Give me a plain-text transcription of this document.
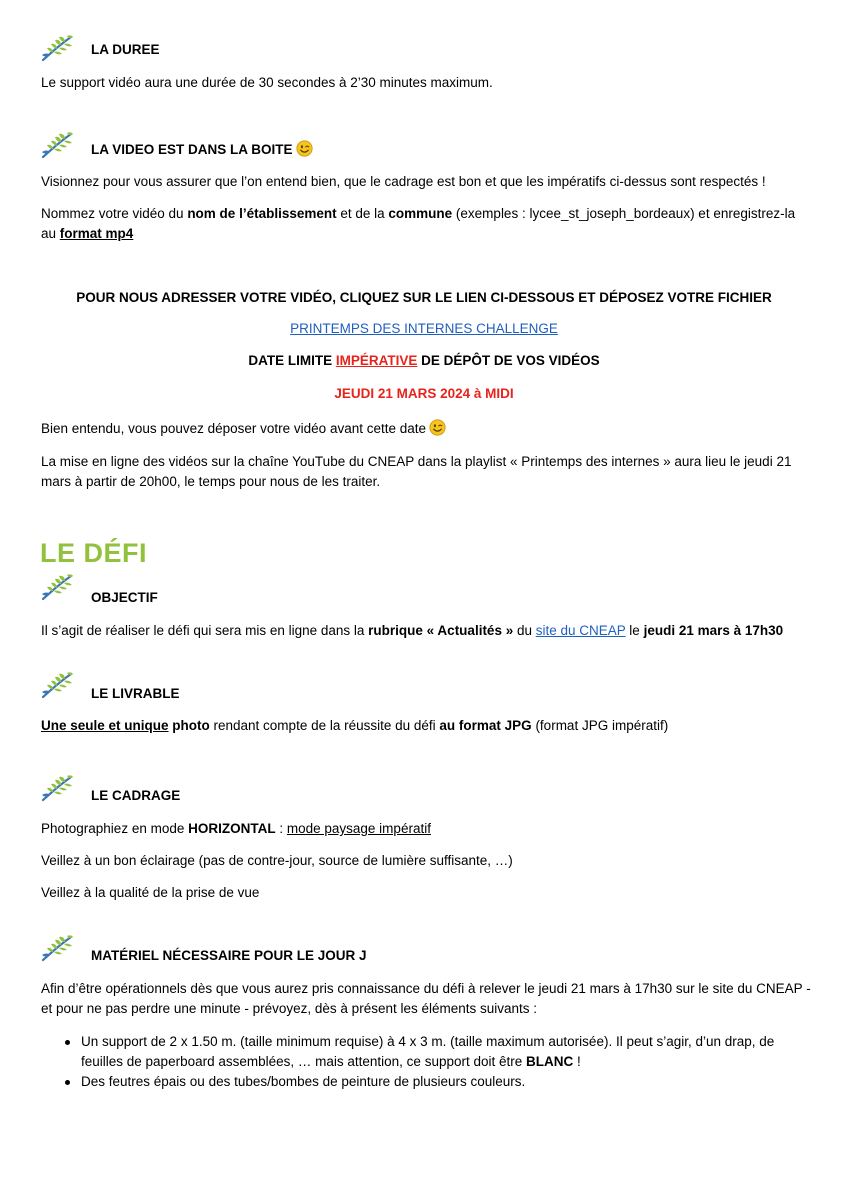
LA DUREE
Le support vidéo aura une durée de 30 secondes à 2’30 minutes maximum.
LA VIDEO EST DANS LA BOITE
Visionnez pour vous assurer que l’on entend bien, que le cadrage est bon et que les impératifs ci-dessus sont respectés !
Nommez votre vidéo du nom de l’établissement et de la commune (exemples : lycee_st_joseph_bordeaux) et enregistrez-la au format mp4
POUR NOUS ADRESSER VOTRE VIDÉO, CLIQUEZ SUR LE LIEN CI-DESSOUS ET DÉPOSEZ VOTRE FICHIER
PRINTEMPS DES INTERNES CHALLENGE
DATE LIMITE IMPÉRATIVE DE DÉPÔT DE VOS VIDÉOS
JEUDI 21 MARS 2024 à MIDI
Bien entendu, vous pouvez déposer votre vidéo avant cette date
La mise en ligne des vidéos sur la chaîne YouTube du CNEAP dans la playlist « Printemps des internes » aura lieu le jeudi 21 mars à partir de 20h00, le temps pour nous de les traiter.
LE DÉFI
OBJECTIF
Il s’agit de réaliser le défi qui sera mis en ligne dans la rubrique « Actualités » du site du CNEAP le jeudi 21 mars à 17h30
LE LIVRABLE
Une seule et unique photo rendant compte de la réussite du défi au format JPG (format JPG impératif)
LE CADRAGE
Photographiez en mode HORIZONTAL : mode paysage impératif
Veillez à un bon éclairage (pas de contre-jour, source de lumière suffisante, …)
Veillez à la qualité de la prise de vue
MATÉRIEL NÉCESSAIRE POUR LE JOUR J
Afin d’être opérationnels dès que vous aurez pris connaissance du défi à relever le jeudi 21 mars à 17h30 sur le site du CNEAP - et pour ne pas perdre une minute - prévoyez, dès à présent les éléments suivants :
Un support de 2 x 1.50 m. (taille minimum requise) à 4 x 3 m. (taille maximum autorisée). Il peut s’agir, d’un drap, de feuilles de paperboard assemblées, … mais attention, ce support doit être BLANC !
Des feutres épais ou des tubes/bombes de peinture de plusieurs couleurs.
